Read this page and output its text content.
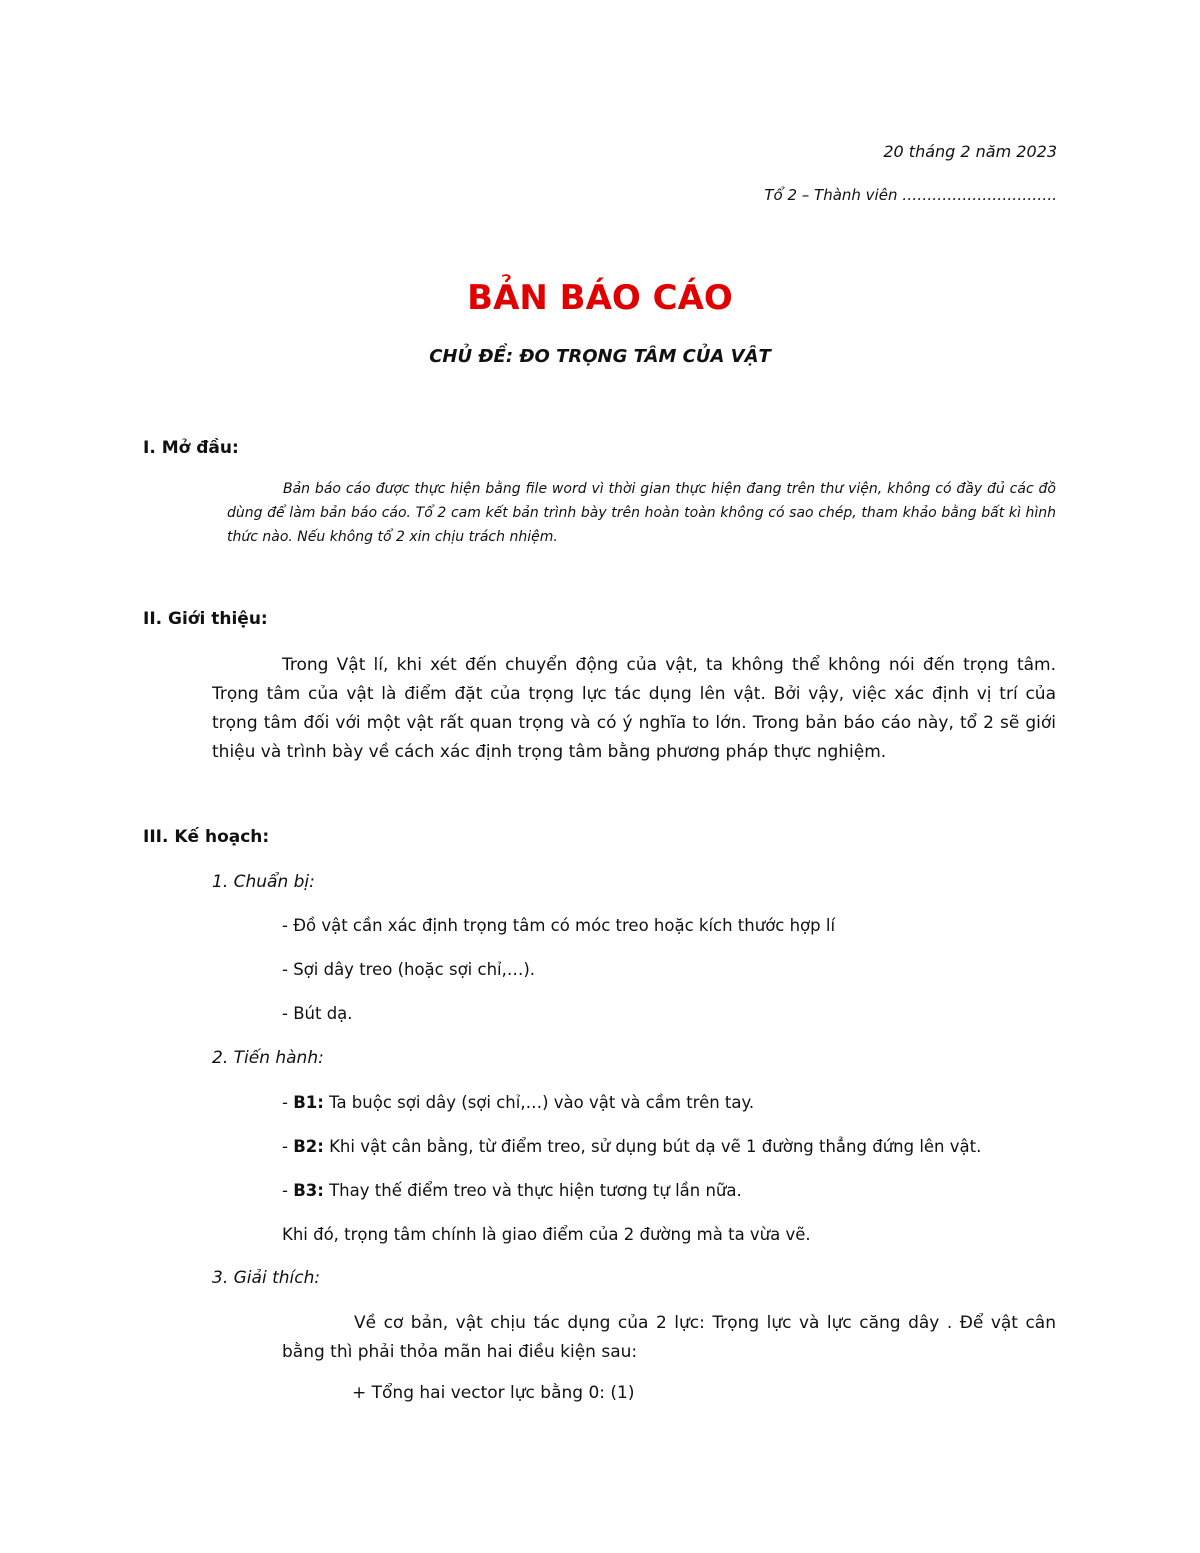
20 tháng 2 năm 2023
Tổ 2 – Thành viên ………………………….
BẢN BÁO CÁO
CHỦ ĐỀ: ĐO TRỌNG TÂM CỦA VẬT
I. Mở đầu:
Bản báo cáo được thực hiện bằng file word vì thời gian thực hiện đang trên thư viện, không có đầy đủ các đồ dùng để làm bản báo cáo. Tổ 2 cam kết bản trình bày trên hoàn toàn không có sao chép, tham khảo bằng bất kì hình thức nào. Nếu không tổ 2 xin chịu trách nhiệm.
II. Giới thiệu:
Trong Vật lí, khi xét đến chuyển động của vật, ta không thể không nói đến trọng tâm. Trọng tâm của vật là điểm đặt của trọng lực tác dụng lên vật. Bởi vậy, việc xác định vị trí của trọng tâm đối với một vật rất quan trọng và có ý nghĩa to lớn. Trong bản báo cáo này, tổ 2 sẽ giới thiệu và trình bày về cách xác định trọng tâm bằng phương pháp thực nghiệm.
III. Kế hoạch:
1. Chuẩn bị:
- Đồ vật cần xác định trọng tâm có móc treo hoặc kích thước hợp lí
- Sợi dây treo (hoặc sợi chỉ,…).
- Bút dạ.
2. Tiến hành:
- B1: Ta buộc sợi dây (sợi chỉ,…) vào vật và cầm trên tay.
- B2: Khi vật cân bằng, từ điểm treo, sử dụng bút dạ vẽ 1 đường thẳng đứng lên vật.
- B3: Thay thế điểm treo và thực hiện tương tự lần nữa.
Khi đó, trọng tâm chính là giao điểm của 2 đường mà ta vừa vẽ.
3. Giải thích:
Về cơ bản, vật chịu tác dụng của 2 lực: Trọng lực và lực căng dây . Để vật cân bằng thì phải thỏa mãn hai điều kiện sau:
+ Tổng hai vector lực bằng 0: (1)
